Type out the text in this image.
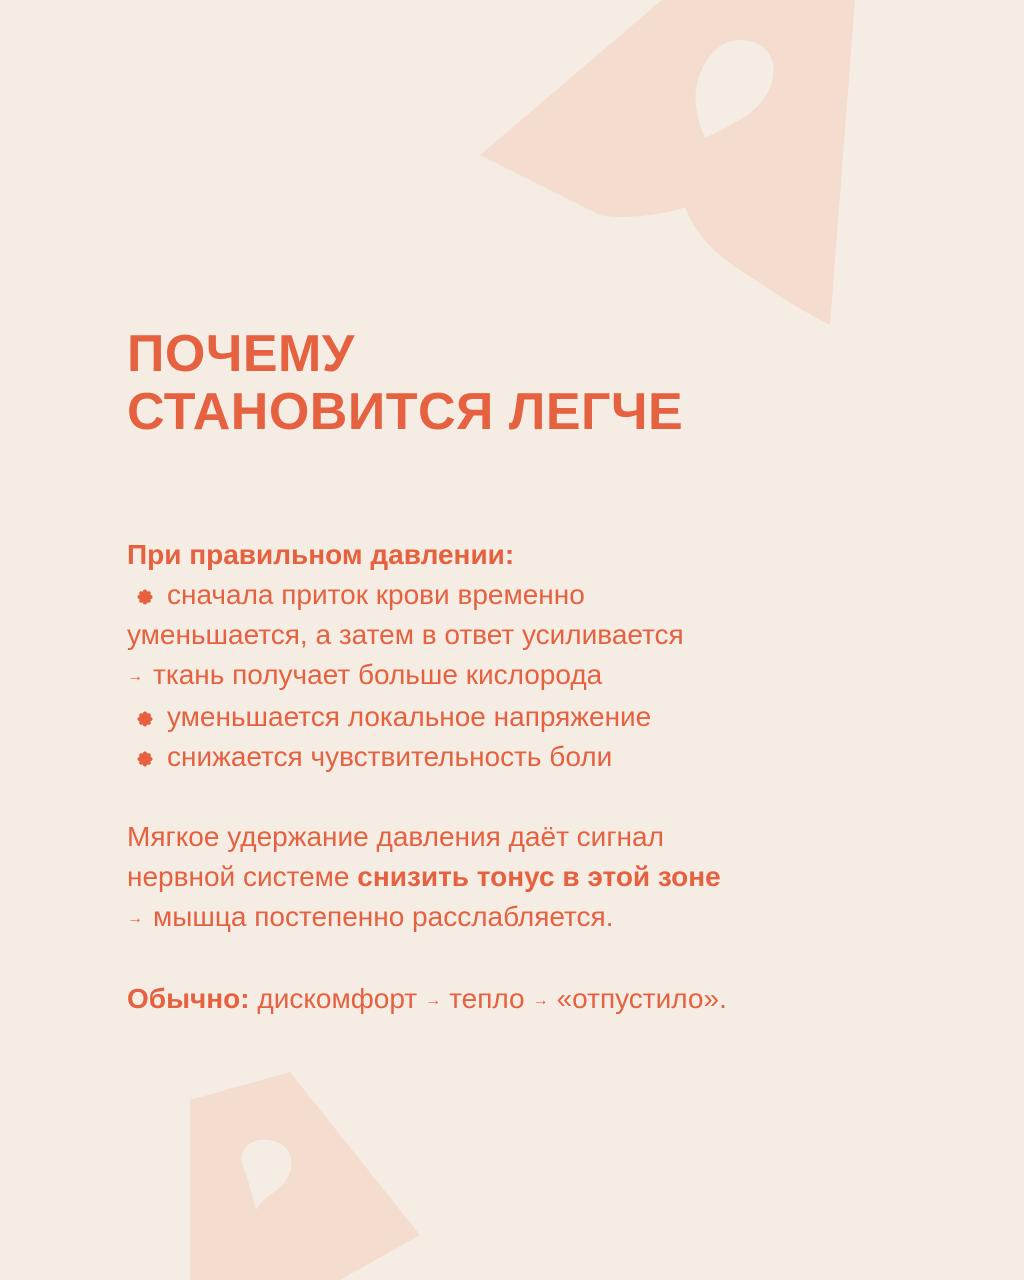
ПОЧЕМУ
СТАНОВИТСЯ ЛЕГЧЕ
При правильном давлении:
сначала приток крови временно
уменьшается, а затем в ответ усиливается
→ ткань получает больше кислорода
уменьшается локальное напряжение
снижается чувствительность боли
Мягкое удержание давления даёт сигнал
нервной системе снизить тонус в этой зоне
→ мышца постепенно расслабляется.
Обычно: дискомфорт → тепло → «отпустило».
